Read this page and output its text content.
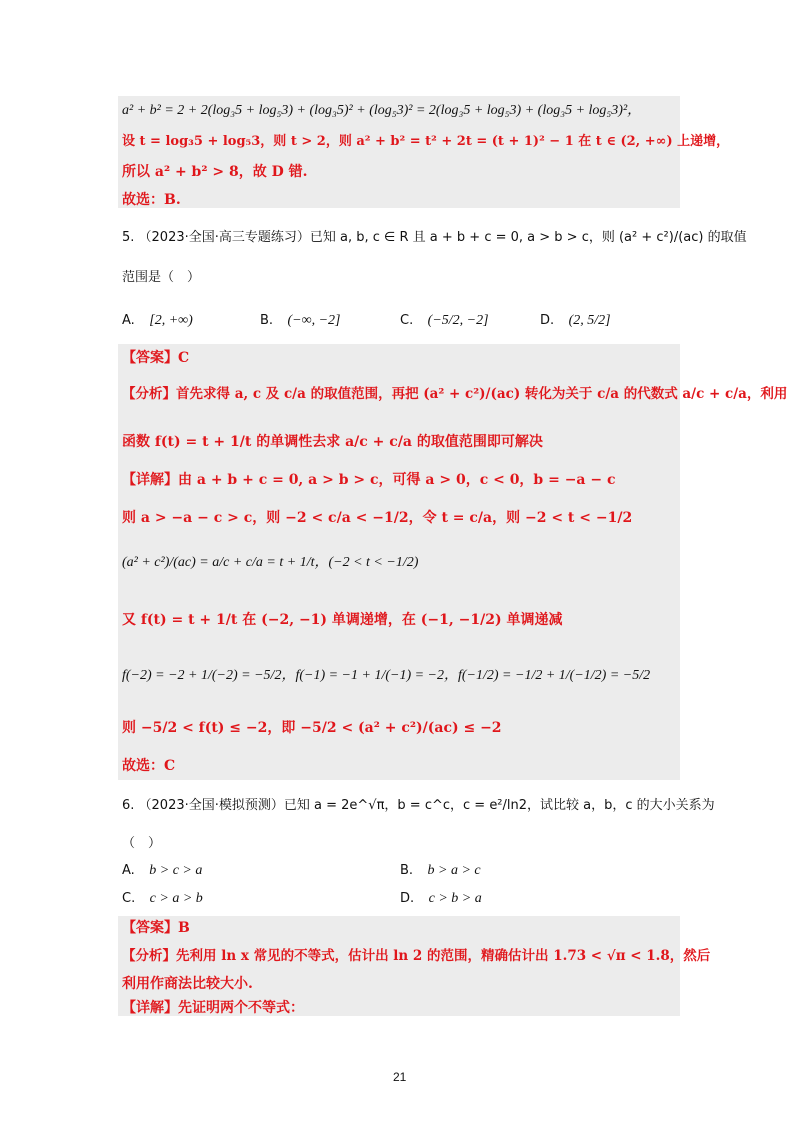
a² + b² = 2 + 2(log₃5 + log₅3) + (log₃5)² + (log₅3)² = 2(log₃5 + log₅3) + (log₃5 + log₅3)²，
设 t = log₃5 + log₅3，则 t > 2，则 a² + b² = t² + 2t = (t + 1)² − 1 在 t ∈ (2, +∞) 上递增，
所以 a² + b² > 8，故 D 错.
故选：B.
5. （2023·全国·高三专题练习）已知 a, b, c ∈ R 且 a + b + c = 0, a > b > c，则 (a² + c²)/(ac) 的取值
范围是（　）
A. [2, +∞)	B. (−∞, −2]	C. (−5/2, −2]	D. (2, 5/2]
【答案】C
【分析】首先求得 a, c 及 c/a 的取值范围，再把 (a² + c²)/(ac) 转化为关于 c/a 的代数式 a/c + c/a，利用
函数 f(t) = t + 1/t 的单调性去求 a/c + c/a 的取值范围即可解决
【详解】由 a + b + c = 0, a > b > c，可得 a > 0，c < 0，b = −a − c
则 a > −a − c > c，则 −2 < c/a < −1/2，令 t = c/a，则 −2 < t < −1/2
(a² + c²)/(ac) = a/c + c/a = t + 1/t，(−2 < t < −1/2)
又 f(t) = t + 1/t 在 (−2, −1) 单调递增，在 (−1, −1/2) 单调递减
f(−2) = −2 + 1/(−2) = −5/2，f(−1) = −1 + 1/(−1) = −2，f(−1/2) = −1/2 + 1/(−1/2) = −5/2
则 −5/2 < f(t) ≤ −2，即 −5/2 < (a² + c²)/(ac) ≤ −2
故选：C
6. （2023·全国·模拟预测）已知 a = 2e^√π，b = c^c，c = e²/ln2，试比较 a，b，c 的大小关系为
（　）
A. b > c > a	B. b > a > c
C. c > a > b	D. c > b > a
【答案】B
【分析】先利用 ln x 常见的不等式，估计出 ln 2 的范围，精确估计出 1.73 < √π < 1.8，然后
利用作商法比较大小.
【详解】先证明两个不等式：
21
